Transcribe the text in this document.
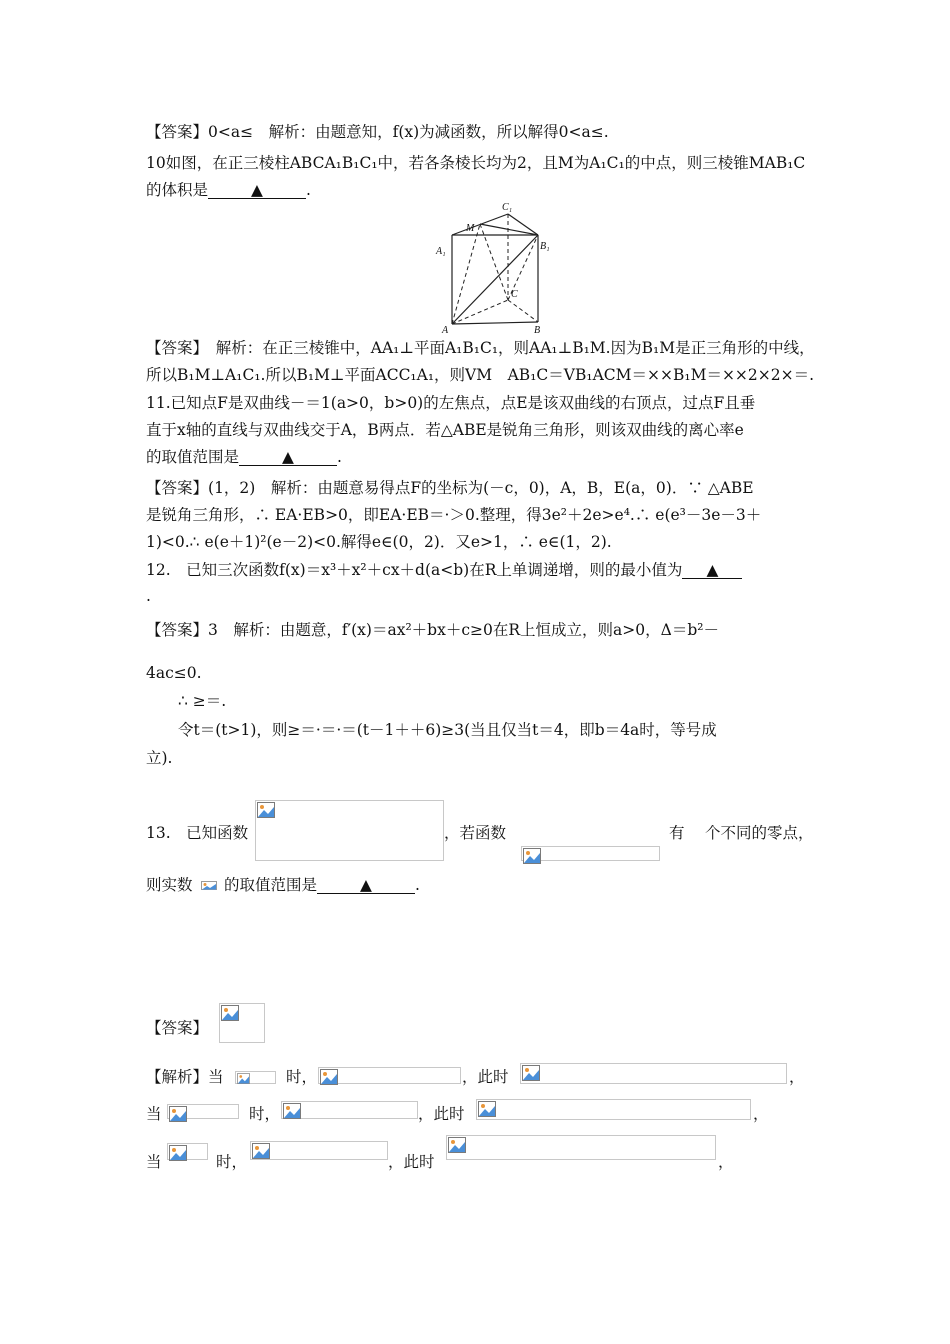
【答案】0<a≤　解析：由题意知，f(x)为减函数，所以解得0<a≤.
10如图，在正三棱柱ABCA₁B₁C₁中，若各条棱长均为2，且M为A₁C₁的中点，则三棱锥MAB₁C
的体积是	▲	.
A	B
C
A₁	B₁
C₁
M
【答案】　解析：在正三棱锥中，AA₁⊥平面A₁B₁C₁，则AA₁⊥B₁M.因为B₁M是正三角形的中线，
所以B₁M⊥A₁C₁.所以B₁M⊥平面ACC₁A₁，则VM　AB₁C＝VB₁ACM＝××B₁M＝××2×2×＝.
11.已知点F是双曲线－＝1(a>0，b>0)的左焦点，点E是该双曲线的右顶点，过点F且垂
直于x轴的直线与双曲线交于A，B两点．若△ABE是锐角三角形，则该双曲线的离心率e
的取值范围是	▲	.
【答案】(1，2)　解析：由题意易得点F的坐标为(－c，0)，A，B，E(a，0)．∵ △ABE
是锐角三角形，∴ EA·EB>0，即EA·EB＝·＞0.整理，得3e²＋2e>e⁴.∴ e(e³－3e－3＋
1)<0.∴ e(e＋1)²(e－2)<0.解得e∈(0，2)．又e>1，∴ e∈(1，2).
12.　已知三次函数f(x)＝x³＋x²＋cx＋d(a<b)在R上单调递增，则的最小值为 ▲
.
【答案】3　解析：由题意，f′(x)＝ax²＋bx＋c≥0在R上恒成立，则a>0，Δ＝b²－
4ac≤0.
∴ ≥＝.
令t＝(t>1)，则≥＝·＝·＝(t－1＋＋6)≥3(当且仅当t＝4，即b＝4a时，等号成
立).
13.　已知函数	，若函数	有 个不同的零点，
则实数 的取值范围是	▲	.
【答案】
【解析】当	时，	，此时	，
当	时，	，此时	，
当	时，	，此时	，
